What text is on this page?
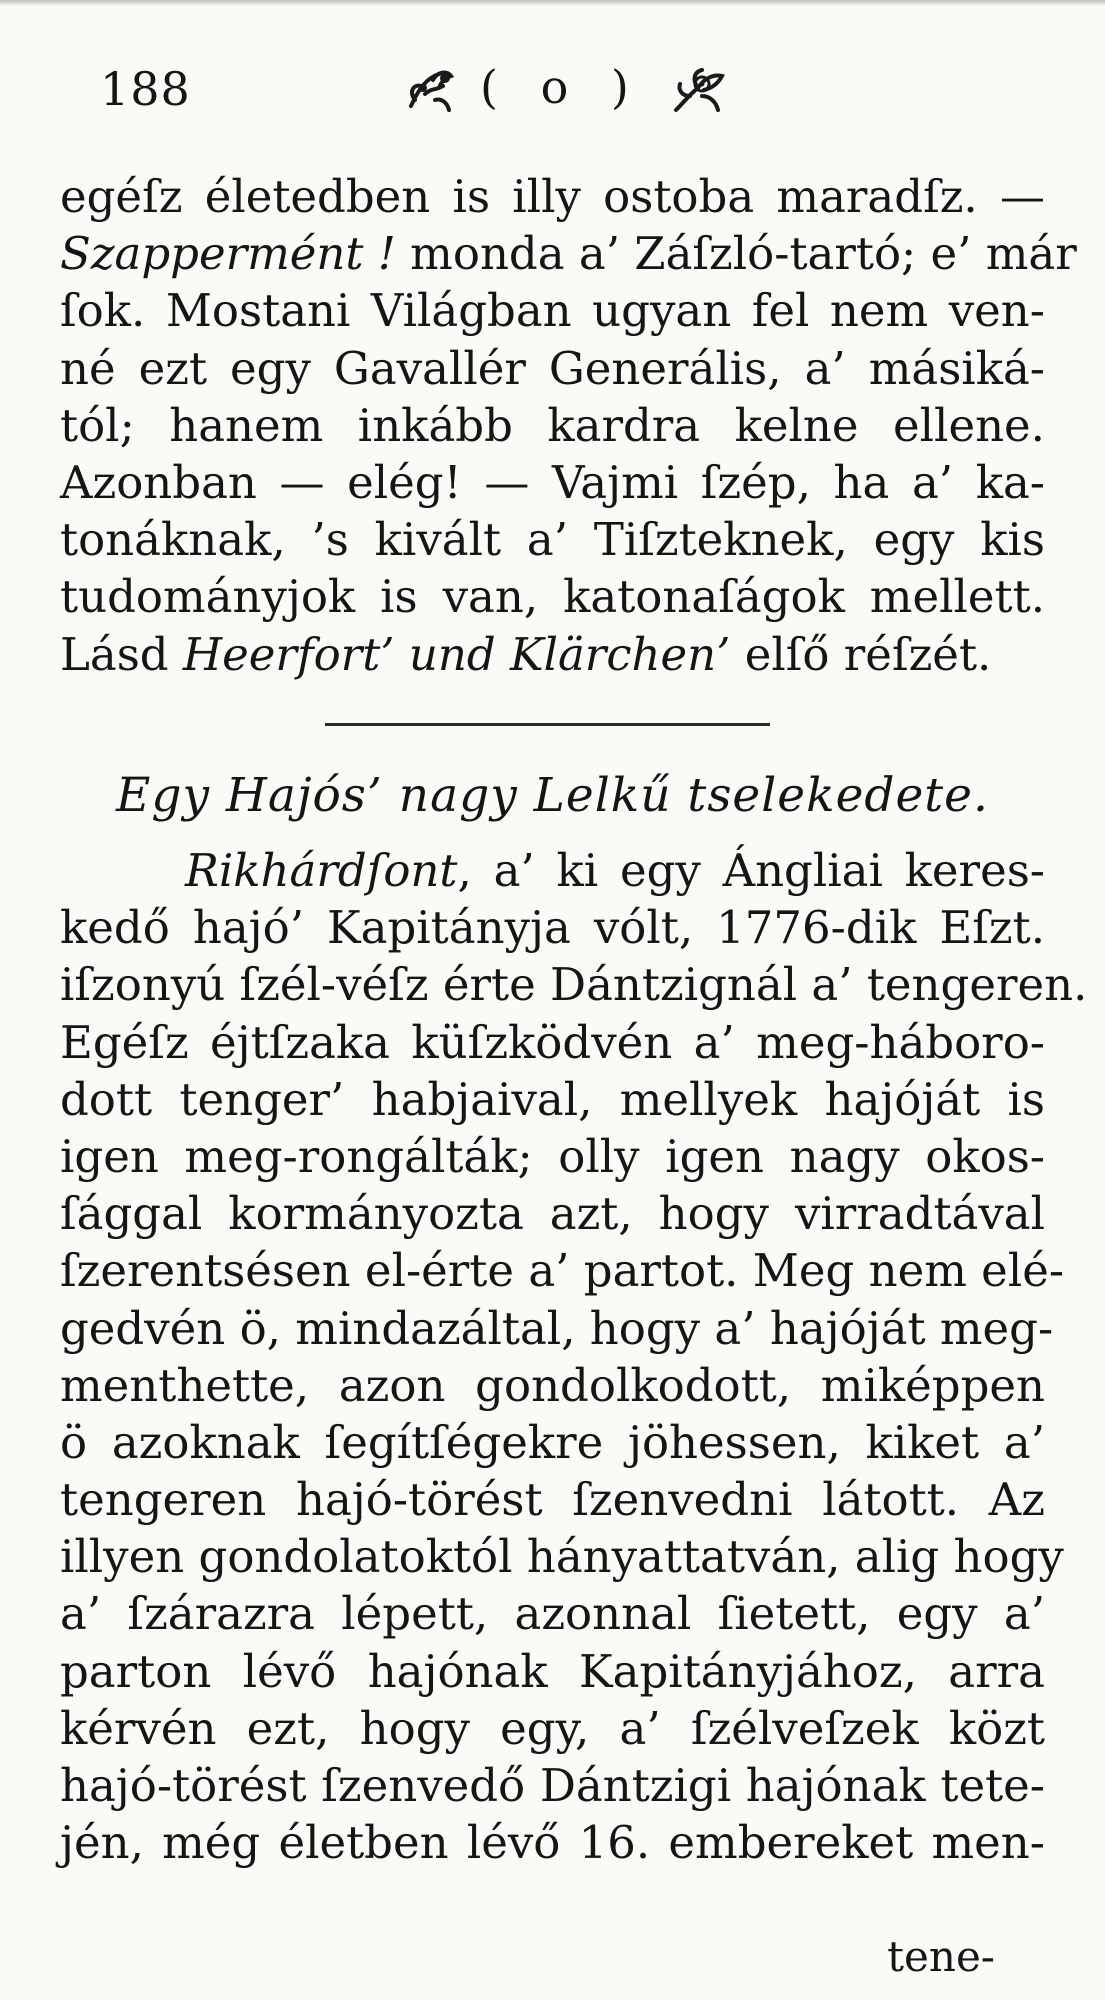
188	( o )
egéſz életedben is illy ostoba maradſz. —
Szappermént ! monda a’ Záſzló-tartó; e’ már
ſok. Mostani Világban ugyan fel nem ven-
né ezt egy Gavallér Generális, a’ másiká-
tól; hanem inkább kardra kelne ellene.
Azonban — elég! — Vajmi ſzép, ha a’ ka-
tonáknak, ’s kivált a’ Tiſzteknek, egy kis
tudományjok is van, katonaſágok mellett.
Lásd Heerfort’ und Klärchen’ elſő réſzét.
Egy Hajós’ nagy Lelkű tselekedete.
Rikhárdſont, a’ ki egy Ángliai keres-
kedő hajó’ Kapitányja vólt, 1776-dik Eſzt.
iſzonyú ſzél-véſz érte Dántzignál a’ tengeren.
Egéſz éjtſzaka küſzködvén a’ meg-háboro-
dott tenger’ habjaival, mellyek hajóját is
igen meg-rongálták; olly igen nagy okos-
ſággal kormányozta azt, hogy virradtával
ſzerentsésen el-érte a’ partot. Meg nem elé-
gedvén ö, mindazáltal, hogy a’ hajóját meg-
menthette, azon gondolkodott, miképpen
ö azoknak ſegítſégekre jöhessen, kiket a’
tengeren hajó-törést ſzenvedni látott. Az
illyen gondolatoktól hányattatván, alig hogy
a’ ſzárazra lépett, azonnal ſietett, egy a’
parton lévő hajónak Kapitányjához, arra
kérvén ezt, hogy egy, a’ ſzélveſzek közt
hajó-törést ſzenvedő Dántzigi hajónak tete-
jén, még életben lévő 16. embereket men-
tene-
